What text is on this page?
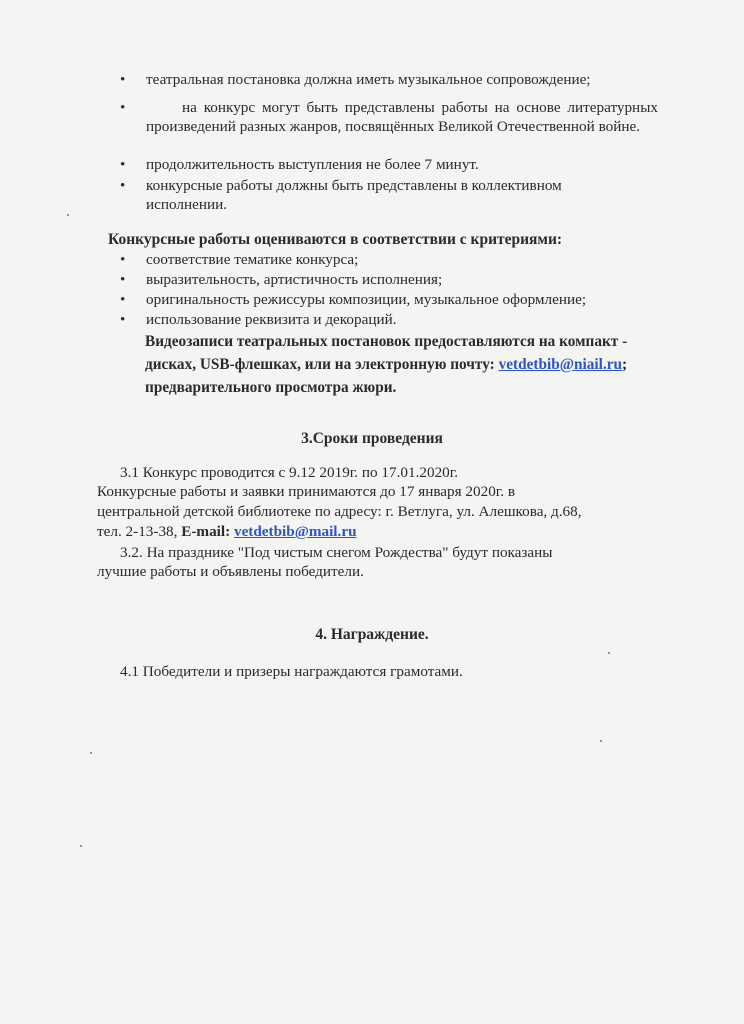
•	театральная постановка должна иметь музыкальное сопровождение;
•	на конкурс могут быть представлены работы на основе литературных произведений разных жанров, посвящённых Великой Отечественной войне.
•	продолжительность выступления не более 7 минут.
•	конкурсные работы должны быть представлены в коллективном исполнении.
Конкурсные работы оцениваются в соответствии с критериями:
•	соответствие тематике конкурса;
•	выразительность, артистичность исполнения;
•	оригинальность режиссуры композиции, музыкальное оформление;
•	использование реквизита и декораций.
Видеозаписи театральных постановок предоставляются на компакт -
дисках, USB-флешках, или на электронную почту: vetdetbib@niail.ru;
предварительного просмотра жюри.
3.Сроки проведения
3.1 Конкурс проводится с 9.12 2019г. по 17.01.2020г.
Конкурсные работы и заявки принимаются до 17 января 2020г. в
центральной детской библиотеке по адресу: г. Ветлуга, ул. Алешкова, д.68,
тел. 2-13-38, E-mail: vetdetbib@mail.ru
3.2. На празднике "Под чистым снегом Рождества" будут показаны
лучшие работы и объявлены победители.
4. Награждение.
4.1 Победители и призеры награждаются грамотами.
